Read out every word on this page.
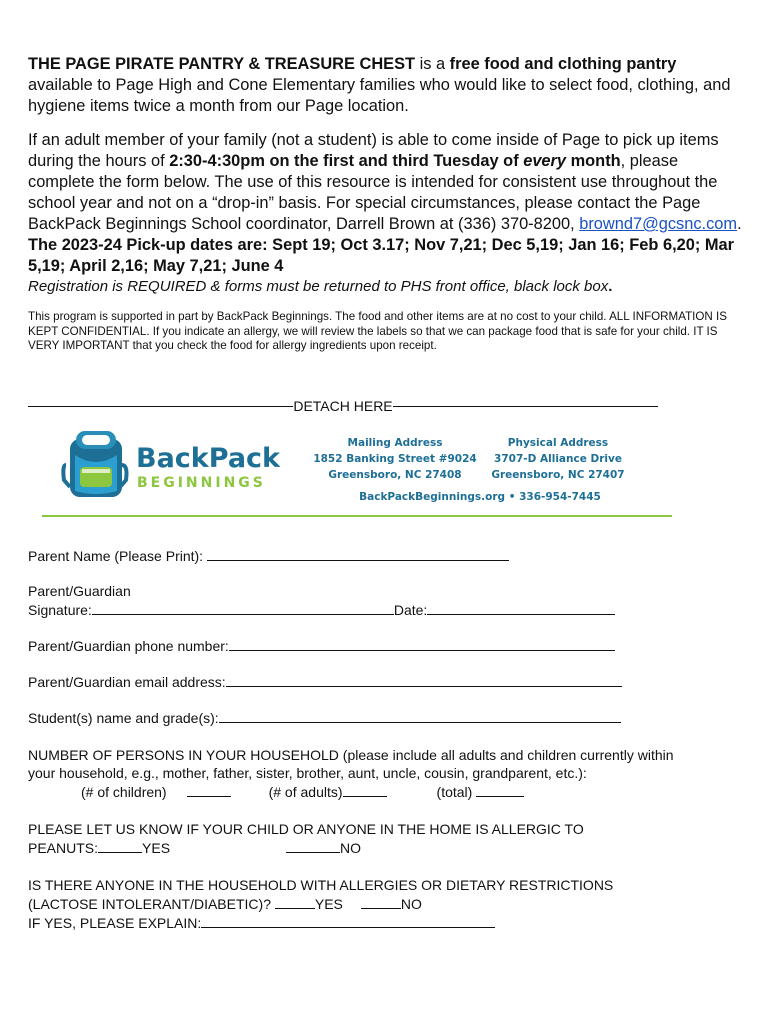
THE PAGE PIRATE PANTRY & TREASURE CHEST is a free food and clothing pantry available to Page High and Cone Elementary families who would like to select food, clothing, and hygiene items twice a month from our Page location.

If an adult member of your family (not a student) is able to come inside of Page to pick up items during the hours of 2:30-4:30pm on the first and third Tuesday of every month, please complete the form below. The use of this resource is intended for consistent use throughout the school year and not on a “drop-in” basis. For special circumstances, please contact the Page BackPack Beginnings School coordinator, Darrell Brown at (336) 370-8200, brownd7@gcsnc.com.

The 2023-24 Pick-up dates are: Sept 19; Oct 3.17; Nov 7,21; Dec 5,19; Jan 16; Feb 6,20; Mar 5,19; April 2,16; May 7,21; June 4

Registration is REQUIRED & forms must be returned to PHS front office, black lock box.

This program is supported in part by BackPack Beginnings. The food and other items are at no cost to your child. ALL INFORMATION IS KEPT CONFIDENTIAL. If you indicate an allergy, we will review the labels so that we can package food that is safe for your child. IT IS VERY IMPORTANT that you check the food for allergy ingredients upon receipt.

DETACH HERE
BackPack
BEGINNINGS
Mailing Address
1852 Banking Street #9024
Greensboro, NC 27408
Physical Address
3707-D Alliance Drive
Greensboro, NC 27407
BackPackBeginnings.org • 336-954-7445

Parent Name (Please Print):

Parent/Guardian

Signature:	Date:

Parent/Guardian phone number:

Parent/Guardian email address:

Student(s) name and grade(s):

NUMBER OF PERSONS IN YOUR HOUSEHOLD (please include all adults and children currently within

your household, e.g., mother, father, sister, brother, aunt, uncle, cousin, grandparent, etc.):

(# of children)	(# of adults)	(total)

PLEASE LET US KNOW IF YOUR CHILD OR ANYONE IN THE HOME IS ALLERGIC TO

PEANUTS:	YES	NO

IS THERE ANYONE IN THE HOUSEHOLD WITH ALLERGIES OR DIETARY RESTRICTIONS

(LACTOSE INTOLERANT/DIABETIC)?	YES	NO

IF YES, PLEASE EXPLAIN:
